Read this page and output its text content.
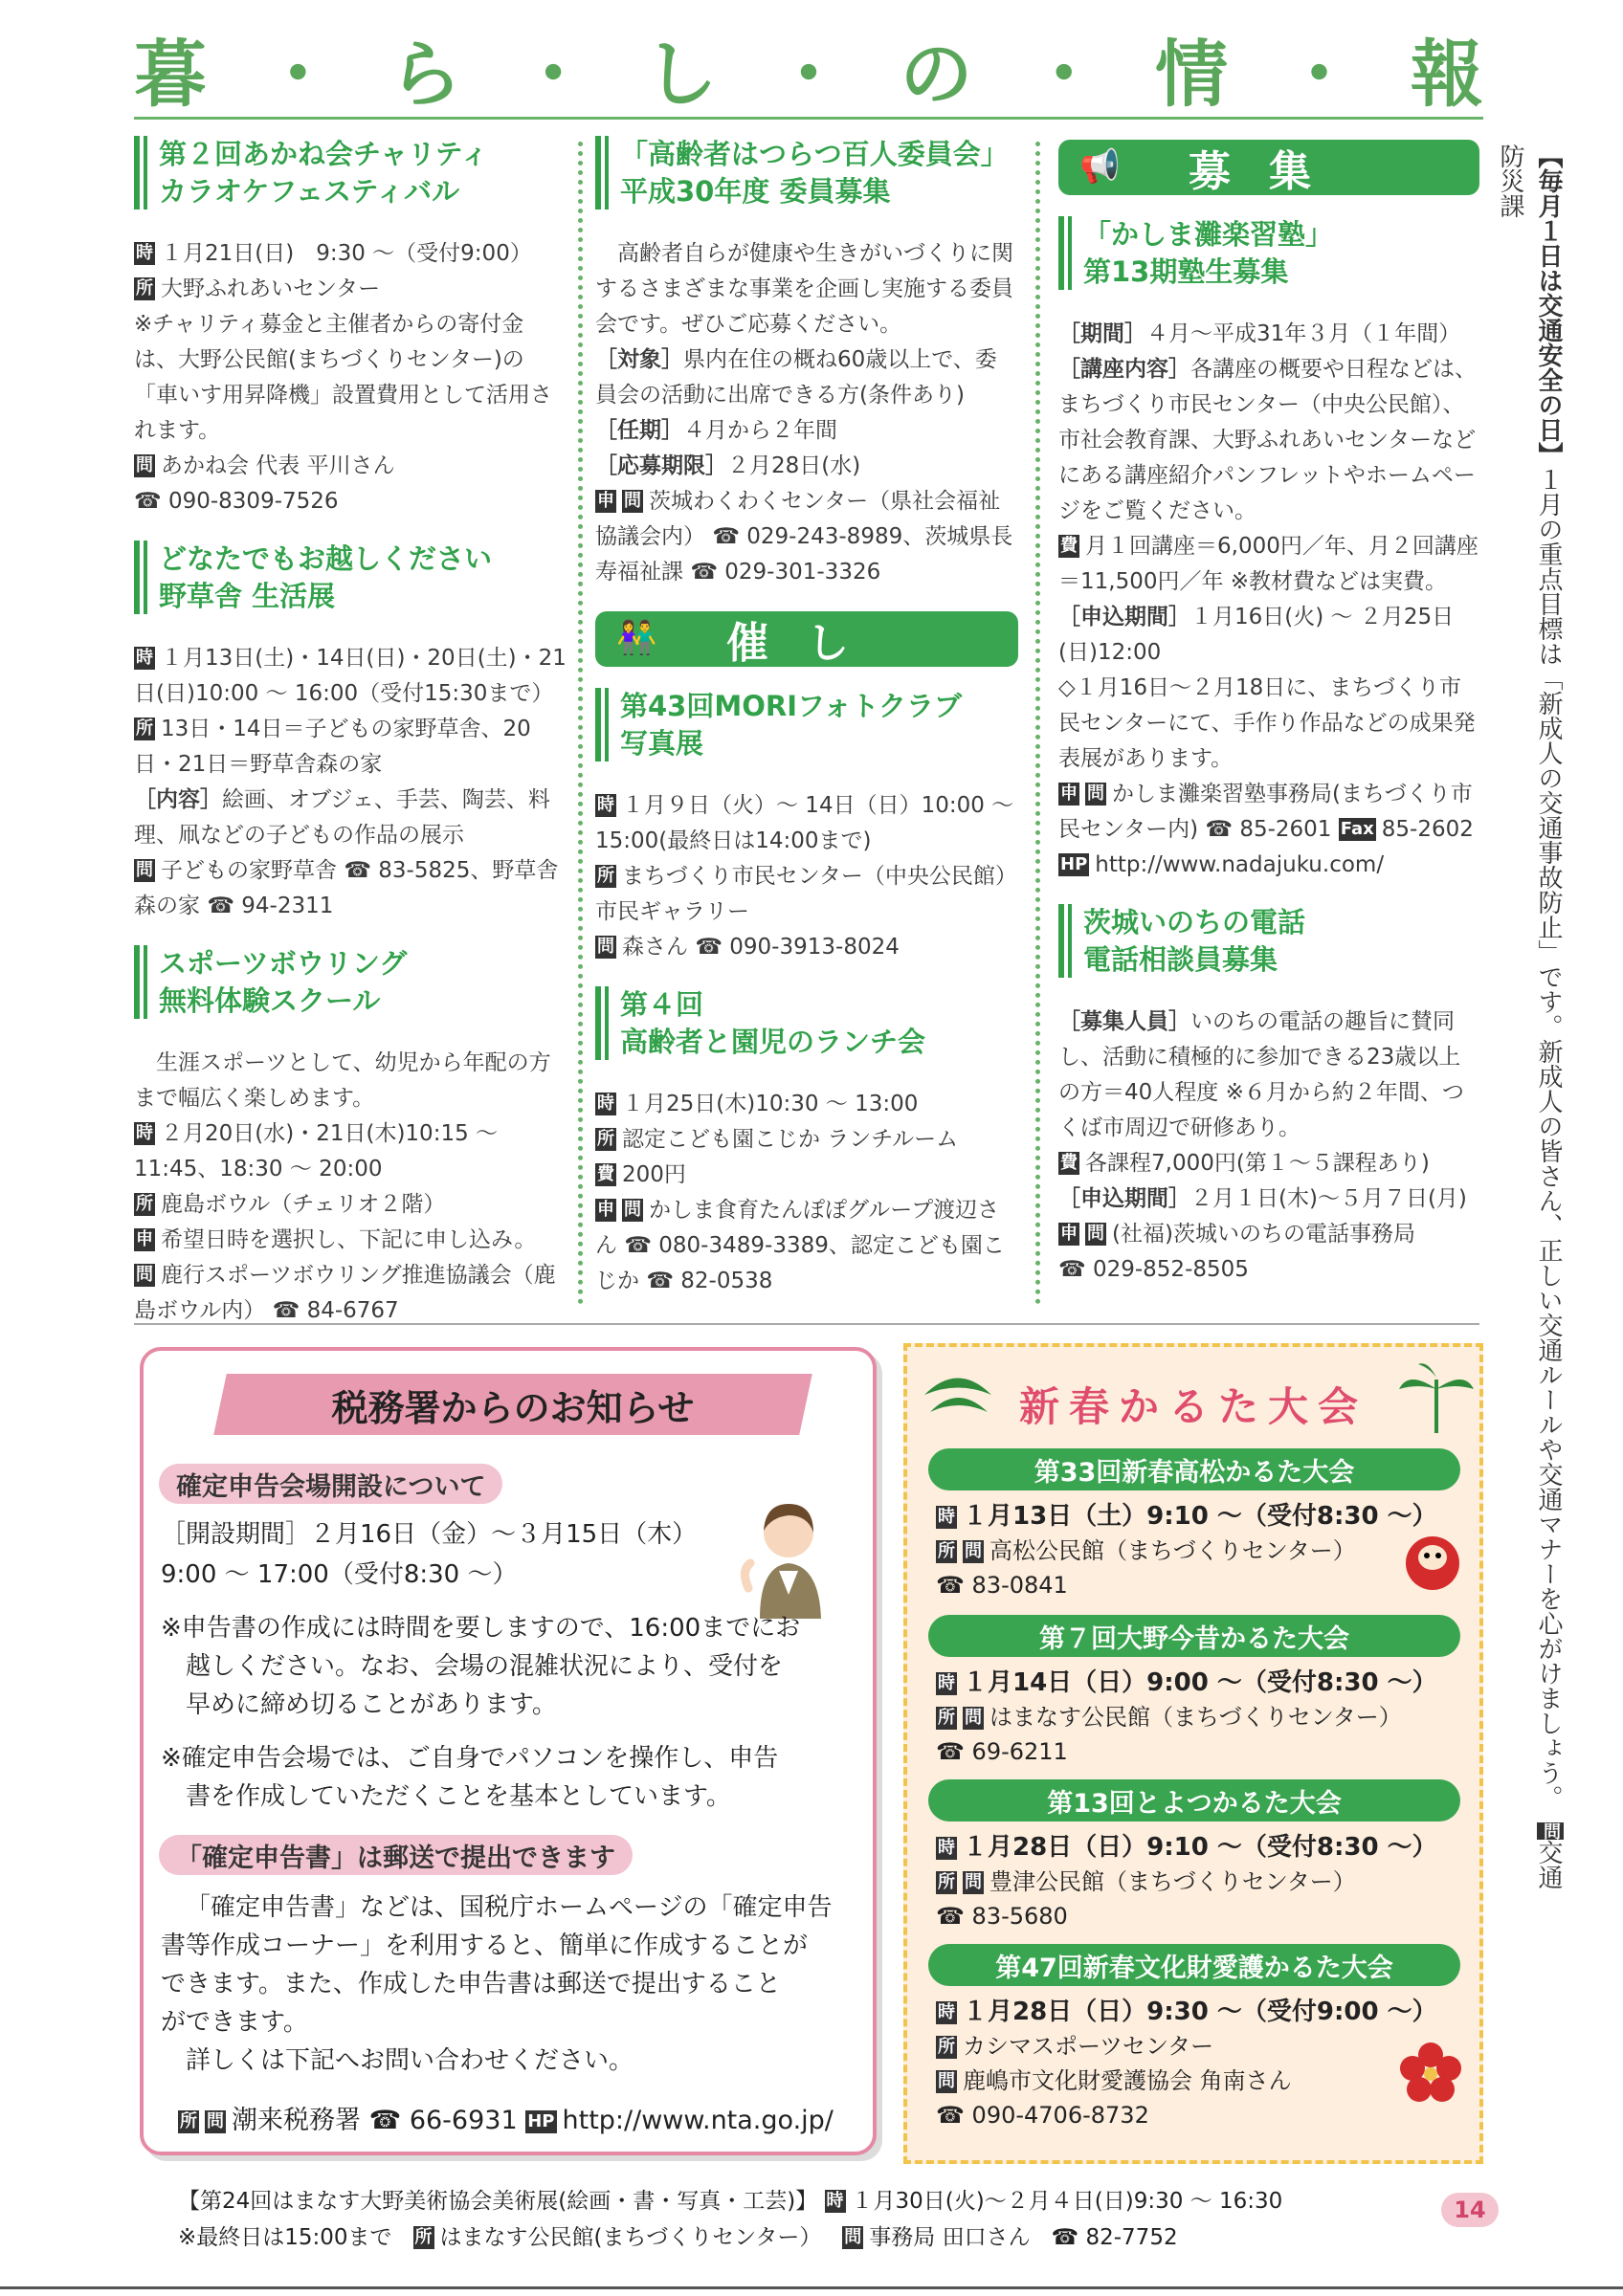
暮 ・ ら ・ し ・ の ・ 情 ・ 報
第２回あかね会チャリティ
カラオケフェスティバル

時 １月21日(日)　9:30 ～（受付9:00）

所 大野ふれあいセンター

※チャリティ募金と主催者からの寄付金は、大野公民館(まちづくりセンター)の「車いす用昇降機」設置費用として活用されます。

問 あかね会 代表 平川さん

☎ 090-8309-7526

どなたでもお越しください
野草舎 生活展

時 １月13日(土)・14日(日)・20日(土)・21日(日)10:00 ～ 16:00（受付15:30まで）

所 13日・14日＝子どもの家野草舎、20日・21日＝野草舎森の家

［内容］絵画、オブジェ、手芸、陶芸、料理、凧などの子どもの作品の展示

問 子どもの家野草舎 ☎ 83-5825、野草舎森の家 ☎ 94-2311

スポーツボウリング
無料体験スクール

生涯スポーツとして、幼児から年配の方まで幅広く楽しめます。

時 ２月20日(水)・21日(木)10:15 ～ 11:45、18:30 ～ 20:00

所 鹿島ボウル（チェリオ２階）

申 希望日時を選択し、下記に申し込み。

問 鹿行スポーツボウリング推進協議会（鹿島ボウル内） ☎ 84-6767

「高齢者はつらつ百人委員会」
平成30年度 委員募集

高齢者自らが健康や生きがいづくりに関するさまざまな事業を企画し実施する委員会です。ぜひご応募ください。

［対象］県内在住の概ね60歳以上で、委員会の活動に出席できる方(条件あり)

［任期］４月から２年間

［応募期限］２月28日(水)

申 問 茨城わくわくセンター（県社会福祉協議会内） ☎ 029-243-8989、茨城県長寿福祉課 ☎ 029-301-3326

👫 催し
第43回MORIフォトクラブ
写真展

時 １月９日（火）～ 14日（日）10:00 ～ 15:00(最終日は14:00まで)

所 まちづくり市民センター（中央公民館）市民ギャラリー

問 森さん ☎ 090-3913-8024

第４回
高齢者と園児のランチ会

時 １月25日(木)10:30 ～ 13:00

所 認定こども園こじか ランチルーム

費 200円

申 問 かしま食育たんぽぽグループ渡辺さん ☎ 080-3489-3389、認定こども園こじか ☎ 82-0538

📢 募集
「かしま灘楽習塾」
第13期塾生募集

［期間］４月～平成31年３月（１年間）

［講座内容］各講座の概要や日程などは、まちづくり市民センター（中央公民館）、市社会教育課、大野ふれあいセンターなどにある講座紹介パンフレットやホームページをご覧ください。

費 月１回講座＝6,000円／年、月２回講座＝11,500円／年 ※教材費などは実費。

［申込期間］１月16日(火) ～ ２月25日(日)12:00

◇１月16日～２月18日に、まちづくり市民センターにて、手作り作品などの成果発表展があります。

申 問 かしま灘楽習塾事務局(まちづくり市民センター内) ☎ 85-2601 Fax 85-2602

HP http://www.nadajuku.com/

茨城いのちの電話
電話相談員募集

［募集人員］いのちの電話の趣旨に賛同し、活動に積極的に参加できる23歳以上の方＝40人程度 ※６月から約２年間、つくば市周辺で研修あり。

費 各課程7,000円(第１～５課程あり)

［申込期間］２月１日(木)～５月７日(月)

申 問 (社福)茨城いのちの電話事務局

☎ 029-852-8505

税務署からのお知らせ
確定申告会場開設について
［開設期間］２月16日（金）～３月15日（木）
9:00 ～ 17:00（受付8:30 ～）
※申告書の作成には時間を要しますので、16:00までにお
越しください。なお、会場の混雑状況により、受付を
早めに締め切ることがあります。
※確定申告会場では、ご自身でパソコンを操作し、申告
書を作成していただくことを基本としています。
「確定申告書」は郵送で提出できます
「確定申告書」などは、国税庁ホームページの「確定申告
書等作成コーナー」を利用すると、簡単に作成することが
できます。また、作成した申告書は郵送で提出すること
ができます。
詳しくは下記へお問い合わせください。
所 問 潮来税務署 ☎ 66-6931 HP http://www.nta.go.jp/
新春かるた大会
第33回新春高松かるた大会
時 １月13日（土）9:10 ～（受付8:30 ～）
所 問 高松公民館（まちづくりセンター）
☎ 83-0841
第７回大野今昔かるた大会
時 １月14日（日）9:00 ～（受付8:30 ～）
所 問 はまなす公民館（まちづくりセンター）
☎ 69-6211
第13回とよつかるた大会
時 １月28日（日）9:10 ～（受付8:30 ～）
所 問 豊津公民館（まちづくりセンター）
☎ 83-5680
第47回新春文化財愛護かるた大会
時 １月28日（日）9:30 ～（受付9:00 ～）
所 カシマスポーツセンター
問 鹿嶋市文化財愛護協会 角南さん
☎ 090-4706-8732
【第24回はまなす大野美術協会美術展(絵画・書・写真・工芸)】 時 １月30日(火)～２月４日(日)9:30 ～ 16:30
※最終日は15:00まで 所 はまなす公民館(まちづくりセンター） 問 事務局 田口さん ☎ 82-7752
14
【毎月１日は交通安全の日】１月の重点目標は「新成人の交通事故防止」です。新成人の皆さん、正しい交通ルールや交通マナーを心がけましょう。　問交通防災課
